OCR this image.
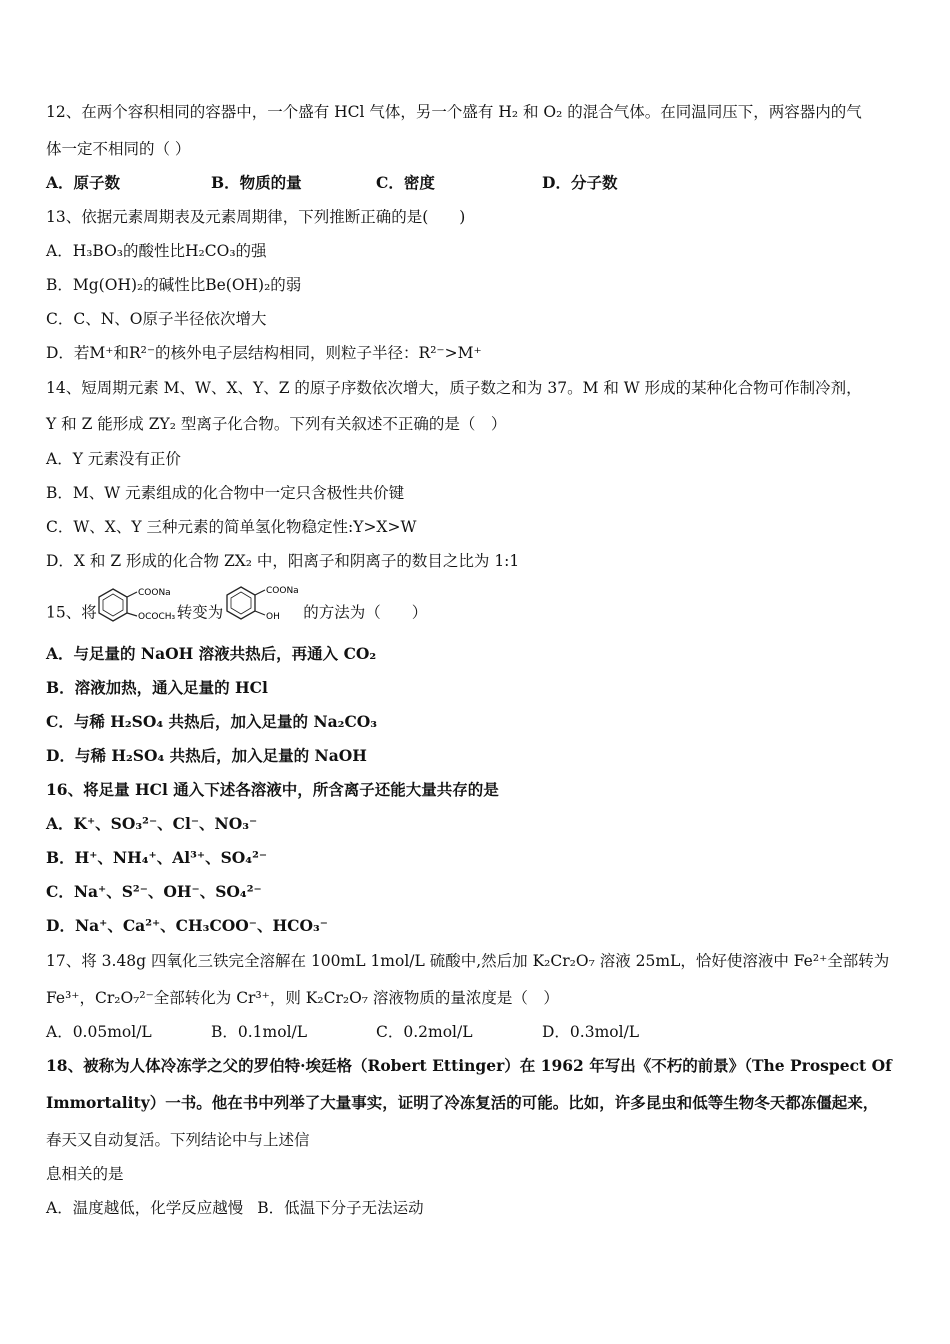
12、在两个容积相同的容器中，一个盛有 HCl 气体，另一个盛有 H₂ 和 O₂ 的混合气体。在同温同压下，两容器内的气
体一定不相同的（ ）
A．原子数	B．物质的量	C．密度	D．分子数
13、依据元素周期表及元素周期律，下列推断正确的是(　　)
A．H₃BO₃的酸性比H₂CO₃的强
B．Mg(OH)₂的碱性比Be(OH)₂的弱
C．C、N、O原子半径依次增大
D．若M⁺和R²⁻的核外电子层结构相同，则粒子半径：R²⁻>M⁺
14、短周期元素 M、W、X、Y、Z 的原子序数依次增大，质子数之和为 37。M 和 W 形成的某种化合物可作制冷剂，
Y 和 Z 能形成 ZY₂ 型离子化合物。下列有关叙述不正确的是（　）
A．Y 元素没有正价
B．M、W 元素组成的化合物中一定只含极性共价键
C．W、X、Y 三种元素的简单氢化物稳定性:Y>X>W
D．X 和 Z 形成的化合物 ZX₂ 中，阳离子和阴离子的数目之比为 1:1
15、将
COONa
OCOCH₃ 转变为
COONa
OH 的方法为（　　）
A．与足量的 NaOH 溶液共热后，再通入 CO₂
B．溶液加热，通入足量的 HCl
C．与稀 H₂SO₄ 共热后，加入足量的 Na₂CO₃
D．与稀 H₂SO₄ 共热后，加入足量的 NaOH
16、将足量 HCl 通入下述各溶液中，所含离子还能大量共存的是
A．K⁺、SO₃²⁻、Cl⁻、NO₃⁻
B．H⁺、NH₄⁺、Al³⁺、SO₄²⁻
C．Na⁺、S²⁻、OH⁻、SO₄²⁻
D．Na⁺、Ca²⁺、CH₃COO⁻、HCO₃⁻
17、将 3.48g 四氧化三铁完全溶解在 100mL 1mol/L 硫酸中,然后加 K₂Cr₂O₇ 溶液 25mL，恰好使溶液中 Fe²⁺全部转为
Fe³⁺，Cr₂O₇²⁻全部转化为 Cr³⁺，则 K₂Cr₂O₇ 溶液物质的量浓度是（　）
A．0.05mol/L	B．0.1mol/L	C．0.2mol/L	D．0.3mol/L
18、被称为人体冷冻学之父的罗伯特·埃廷格（Robert Ettinger）在 1962 年写出《不朽的前景》（The Prospect Of
Immortality）一书。他在书中列举了大量事实，证明了冷冻复活的可能。比如，许多昆虫和低等生物冬天都冻僵起来，
春天又自动复活。下列结论中与上述信
息相关的是
A．温度越低，化学反应越慢 B．低温下分子无法运动
